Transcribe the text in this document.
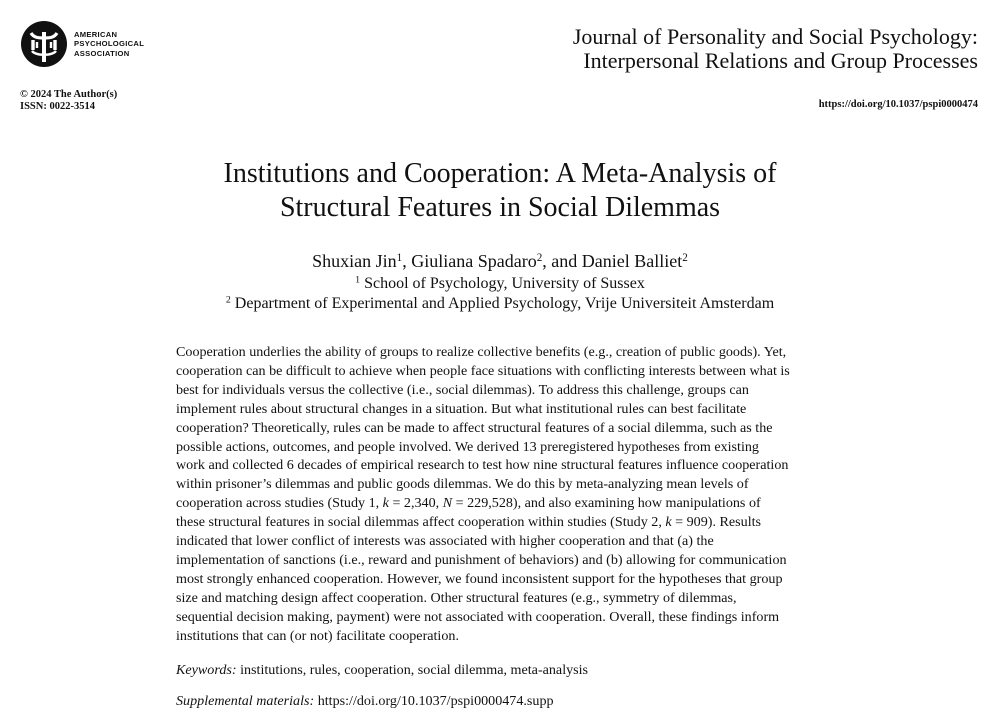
AMERICAN
PSYCHOLOGICAL
ASSOCIATION
Journal of Personality and Social Psychology:
Interpersonal Relations and Group Processes
© 2024 The Author(s)
ISSN: 0022-3514	https://doi.org/10.1037/pspi0000474
Institutions and Cooperation: A Meta-Analysis of
Structural Features in Social Dilemmas
Shuxian Jin$^1$, Giuliana Spadaro$^2$, and Daniel Balliet$^2$
$^1$ School of Psychology, University of Sussex
$^2$ Department of Experimental and Applied Psychology, Vrije Universiteit Amsterdam
Cooperation underlies the ability of groups to realize collective benefits (e.g., creation of public goods). Yet,
cooperation can be difficult to achieve when people face situations with conflicting interests between what is
best for individuals versus the collective (i.e., social dilemmas). To address this challenge, groups can
implement rules about structural changes in a situation. But what institutional rules can best facilitate
cooperation? Theoretically, rules can be made to affect structural features of a social dilemma, such as the
possible actions, outcomes, and people involved. We derived 13 preregistered hypotheses from existing
work and collected 6 decades of empirical research to test how nine structural features influence cooperation
within prisoner’s dilemmas and public goods dilemmas. We do this by meta-analyzing mean levels of
cooperation across studies (Study 1, k = 2,340, N = 229,528), and also examining how manipulations of
these structural features in social dilemmas affect cooperation within studies (Study 2, k = 909). Results
indicated that lower conflict of interests was associated with higher cooperation and that (a) the
implementation of sanctions (i.e., reward and punishment of behaviors) and (b) allowing for communication
most strongly enhanced cooperation. However, we found inconsistent support for the hypotheses that group
size and matching design affect cooperation. Other structural features (e.g., symmetry of dilemmas,
sequential decision making, payment) were not associated with cooperation. Overall, these findings inform
institutions that can (or not) facilitate cooperation.
Keywords: institutions, rules, cooperation, social dilemma, meta-analysis
Supplemental materials: https://doi.org/10.1037/pspi0000474.supp
